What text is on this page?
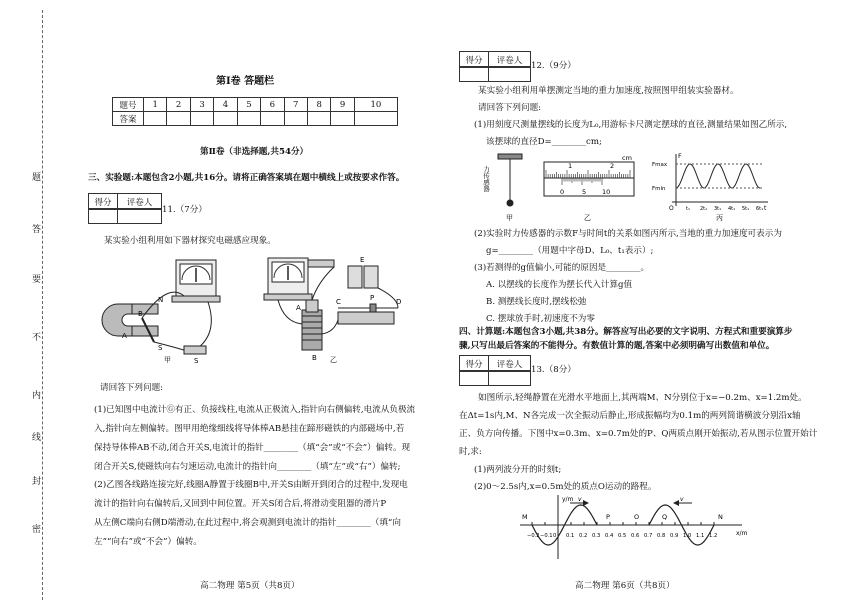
题
答
要
不
内
线
封
密
第Ⅰ卷 答题栏
题号	1	2	3	4	5	6	7	8	9	10
答案										
第Ⅱ卷（非选择题,共54分）
三、实验题:本题包含2小题,共16分。请将正确答案填在题中横线上或按要求作答。
得分	评卷人
11.（7分）
某实验小组利用如下器材探究电磁感应现象。
N
S
B
A
S
甲
E
A
B
C	P	D
乙
请回答下列问题:
(1)已知图中电流计Ⓖ有正、负接线柱,电流从正极流入,指针向右侧偏转,电流从负极流
入,指针向左侧偏转。图甲用绝缘细线将导体棒AB悬挂在蹄形磁铁的内部磁场中,若
保持导体棒AB不动,闭合开关S,电流计的指针________（填“会”或“不会”）偏转。现
闭合开关S,使磁铁向右匀速运动,电流计的指针向________（填“左”或“右”）偏转;
(2)乙图各线路连接完好,线圈A静置于线圈B中,开关S由断开到闭合的过程中,发现电
流计的指针向右偏转后,又回到中间位置。开关S闭合后,将滑动变阻器的滑片P
从左侧C端向右侧D端滑动,在此过程中,将会观测到电流计的指针________（填“向
左”“向右”或“不会”）偏转。
高二物理 第5页（共8页）
得分	评卷人
12.（9分）
某实验小组利用单摆测定当地的重力加速度,按照图甲组装实验器材。
请回答下列问题:
(1)用刻度尺测量摆线的长度为L₀,用游标卡尺测定摆球的直径,测量结果如图乙所示,
该摆球的直径D=________cm;
力传感器
甲
cm
1	2
0	5 10
乙
F
Fmax
Fmin
O t₁ 2t₁ 3t₁ 4t₁ 5t₁ 6t₁ t
丙
(2)实验时力传感器的示数F与时间t的关系如图丙所示,当地的重力加速度可表示为
g=________（用题中字母D、L₀、t₁表示）;
(3)若测得的g值偏小,可能的原因是________。
A. 以摆线的长度作为摆长代入计算g值
B. 测摆线长度时,摆线松弛
C. 摆球放手时,初速度不为零
四、计算题:本题包含3小题,共38分。解答应写出必要的文字说明、方程式和重要演算步
骤,只写出最后答案的不能得分。有数值计算的题,答案中必须明确写出数值和单位。
得分	评卷人
13.（8分）
如图所示,轻绳静置在光滑水平地面上,其两端M、N分别位于x=−0.2m、x=1.2m处。
在Δt=1s内,M、N各完成一次全振动后静止,形成振幅均为0.1m的两列简谐横波分别沿x轴
正、负方向传播。下图中x=0.3m、x=0.7m处的P、Q两质点刚开始振动,若从图示位置开始计
时,求:
(1)两列波分开的时刻t;
(2)0～2.5s内,x=0.5m处的质点O运动的路程。
y/m
x/m
−0.2 −0.1 0 0.1 0.2 0.3 0.4 0.5 0.6 0.7 0.8 0.9 1.0 1.1 1.2
M	P	O	Q	N
v	v
高二物理 第6页（共8页）
